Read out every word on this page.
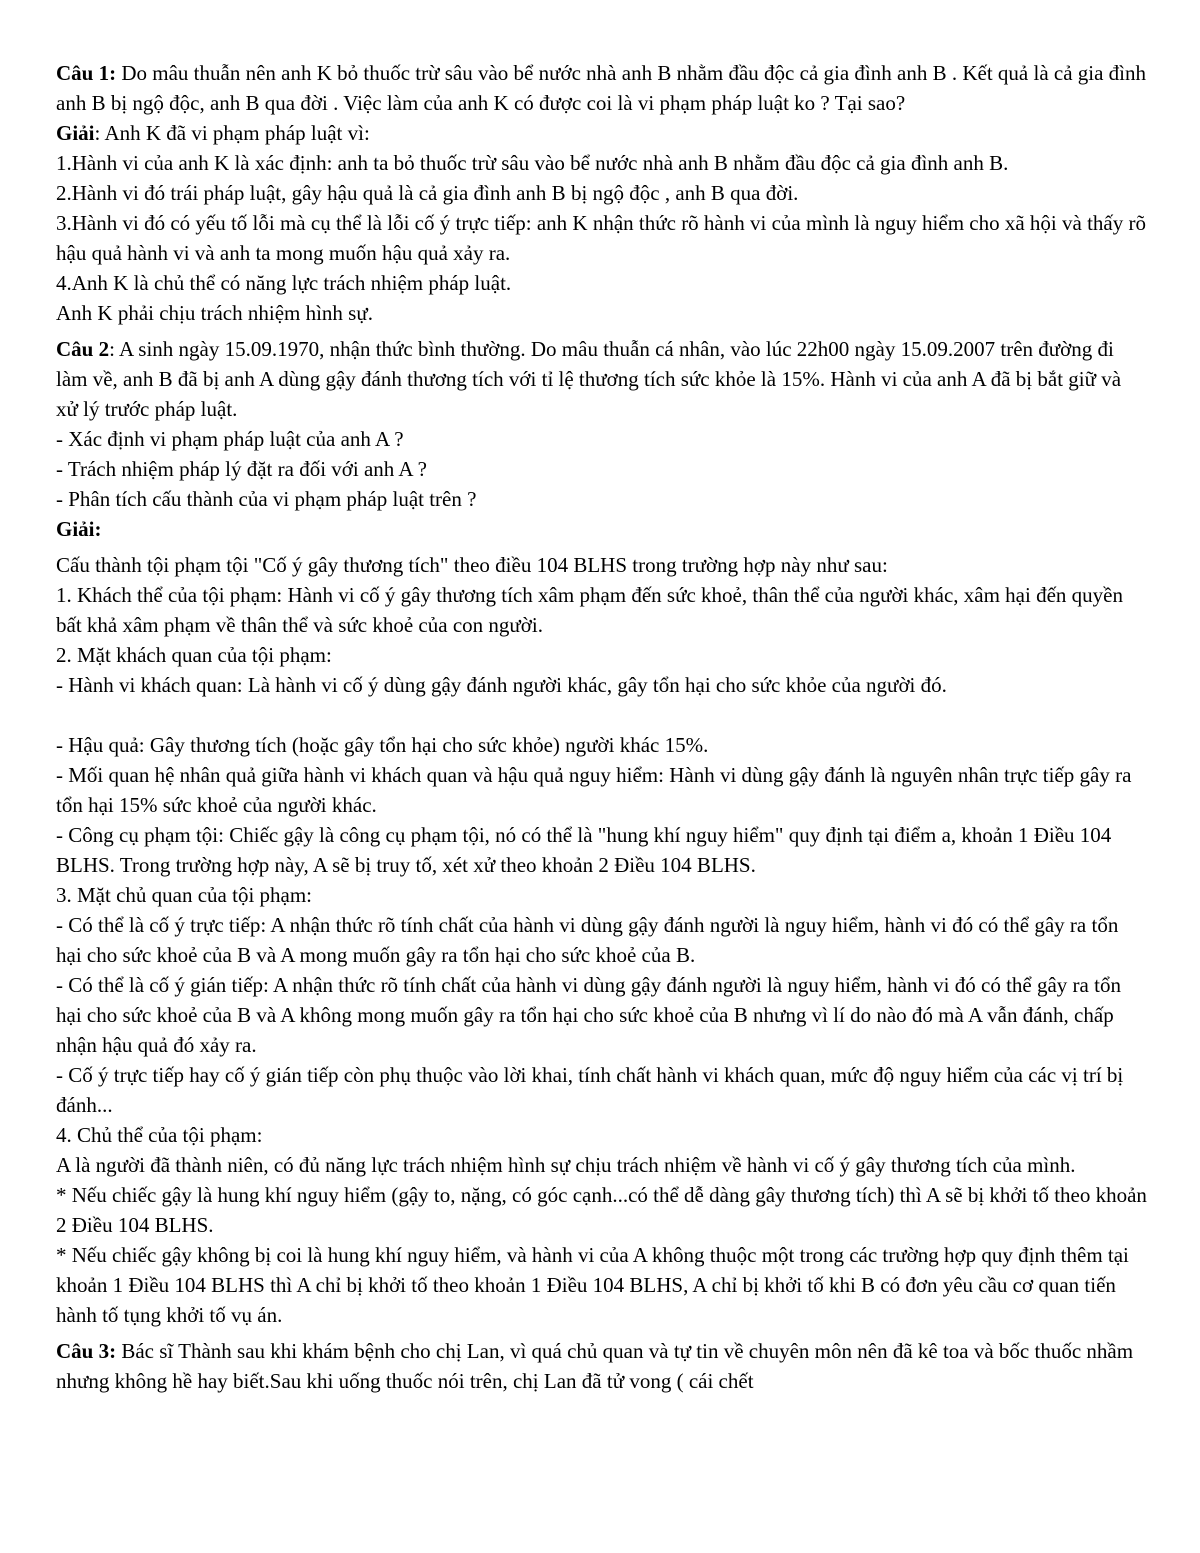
Câu 1: Do mâu thuẫn nên anh K bỏ thuốc trừ sâu vào bể nước nhà anh B nhằm đầu độc cả gia đình anh B . Kết quả là cả gia đình anh B bị ngộ độc, anh B qua đời . Việc làm của anh K có được coi là vi phạm pháp luật ko ? Tại sao?

Giải: Anh K đã vi phạm pháp luật vì:

1.Hành vi của anh K là xác định: anh ta bỏ thuốc trừ sâu vào bể nước nhà anh B nhằm đầu độc cả gia đình anh B.

2.Hành vi đó trái pháp luật, gây hậu quả là cả gia đình anh B bị ngộ độc , anh B qua đời.

3.Hành vi đó có yếu tố lỗi mà cụ thể là lỗi cố ý trực tiếp: anh K nhận thức rõ hành vi của mình là nguy hiểm cho xã hội và thấy rõ hậu quả hành vi và anh ta mong muốn hậu quả xảy ra.

4.Anh K là chủ thể có năng lực trách nhiệm pháp luật.

Anh K phải chịu trách nhiệm hình sự.

Câu 2: A sinh ngày 15.09.1970, nhận thức bình thường. Do mâu thuẫn cá nhân, vào lúc 22h00 ngày 15.09.2007 trên đường đi làm về, anh B đã bị anh A dùng gậy đánh thương tích với tỉ lệ thương tích sức khỏe là 15%. Hành vi của anh A đã bị bắt giữ và xử lý trước pháp luật.

- Xác định vi phạm pháp luật của anh A ?

- Trách nhiệm pháp lý đặt ra đối với anh A ?

- Phân tích cấu thành của vi phạm pháp luật trên ?

Giải:

Cấu thành tội phạm tội "Cố ý gây thương tích" theo điều 104 BLHS trong trường hợp này như sau:

1. Khách thể của tội phạm: Hành vi cố ý gây thương tích xâm phạm đến sức khoẻ, thân thể của người khác, xâm hại đến quyền bất khả xâm phạm về thân thể và sức khoẻ của con người.

2. Mặt khách quan của tội phạm:

- Hành vi khách quan: Là hành vi cố ý dùng gậy đánh người khác, gây tổn hại cho sức khỏe của người đó.

- Hậu quả: Gây thương tích (hoặc gây tổn hại cho sức khỏe) người khác 15%.

- Mối quan hệ nhân quả giữa hành vi khách quan và hậu quả nguy hiểm: Hành vi dùng gậy đánh là nguyên nhân trực tiếp gây ra tổn hại 15% sức khoẻ của người khác.

- Công cụ phạm tội: Chiếc gậy là công cụ phạm tội, nó có thể là "hung khí nguy hiểm" quy định tại điểm a, khoản 1 Điều 104 BLHS. Trong trường hợp này, A sẽ bị truy tố, xét xử theo khoản 2 Điều 104 BLHS.

3. Mặt chủ quan của tội phạm:

- Có thể là cố ý trực tiếp: A nhận thức rõ tính chất của hành vi dùng gậy đánh người là nguy hiểm, hành vi đó có thể gây ra tổn hại cho sức khoẻ của B và A mong muốn gây ra tổn hại cho sức khoẻ của B.

- Có thể là cố ý gián tiếp: A nhận thức rõ tính chất của hành vi dùng gậy đánh người là nguy hiểm, hành vi đó có thể gây ra tổn hại cho sức khoẻ của B và A không mong muốn gây ra tổn hại cho sức khoẻ của B nhưng vì lí do nào đó mà A vẫn đánh, chấp nhận hậu quả đó xảy ra.

- Cố ý trực tiếp hay cố ý gián tiếp còn phụ thuộc vào lời khai, tính chất hành vi khách quan, mức độ nguy hiểm của các vị trí bị đánh...

4. Chủ thể của tội phạm:

A là người đã thành niên, có đủ năng lực trách nhiệm hình sự chịu trách nhiệm về hành vi cố ý gây thương tích của mình.

* Nếu chiếc gậy là hung khí nguy hiểm (gậy to, nặng, có góc cạnh...có thể dễ dàng gây thương tích) thì A sẽ bị khởi tố theo khoản 2 Điều 104 BLHS.

* Nếu chiếc gậy không bị coi là hung khí nguy hiểm, và hành vi của A không thuộc một trong các trường hợp quy định thêm tại khoản 1 Điều 104 BLHS thì A chỉ bị khởi tố theo khoản 1 Điều 104 BLHS, A chỉ bị khởi tố khi B có đơn yêu cầu cơ quan tiến hành tố tụng khởi tố vụ án.

Câu 3: Bác sĩ Thành sau khi khám bệnh cho chị Lan, vì quá chủ quan và tự tin về chuyên môn nên đã kê toa và bốc thuốc nhầm nhưng không hề hay biết.Sau khi uống thuốc nói trên, chị Lan đã tử vong ( cái chết
